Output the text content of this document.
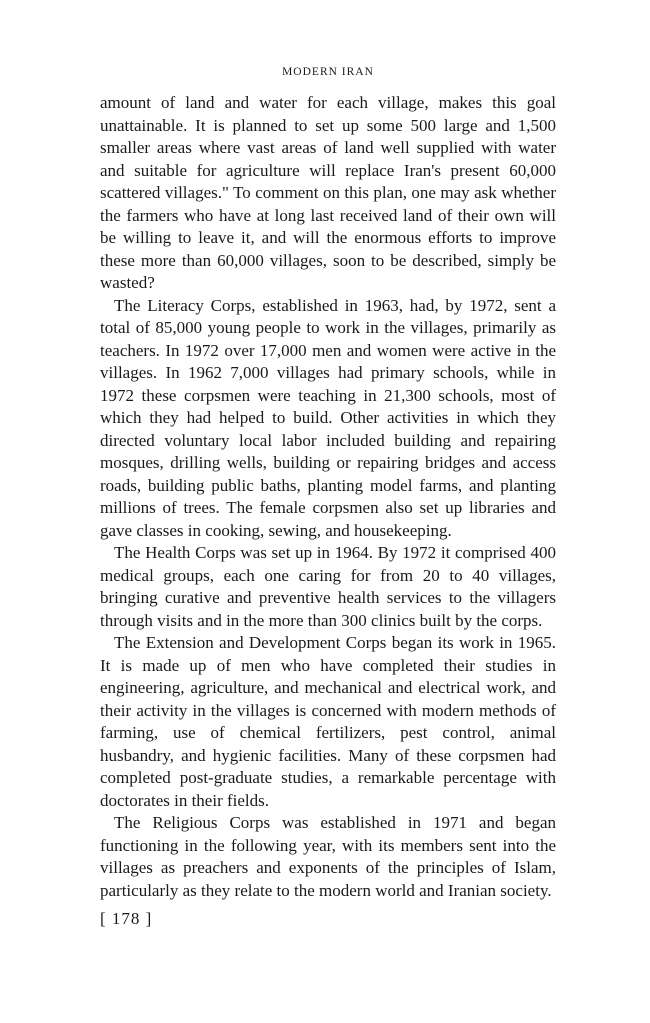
MODERN IRAN

amount of land and water for each village, makes this goal unattainable. It is planned to set up some 500 large and 1,500 smaller areas where vast areas of land well supplied with water and suitable for agriculture will replace Iran's present 60,000 scattered villages." To comment on this plan, one may ask whether the farmers who have at long last received land of their own will be willing to leave it, and will the enormous efforts to improve these more than 60,000 villages, soon to be described, simply be wasted?

The Literacy Corps, established in 1963, had, by 1972, sent a total of 85,000 young people to work in the villages, primarily as teachers. In 1972 over 17,000 men and women were active in the villages. In 1962 7,000 villages had primary schools, while in 1972 these corpsmen were teaching in 21,300 schools, most of which they had helped to build. Other activities in which they directed voluntary local labor included building and repairing mosques, drilling wells, building or repairing bridges and access roads, building public baths, planting model farms, and planting millions of trees. The female corpsmen also set up libraries and gave classes in cooking, sewing, and housekeeping.

The Health Corps was set up in 1964. By 1972 it comprised 400 medical groups, each one caring for from 20 to 40 villages, bringing curative and preventive health services to the villagers through visits and in the more than 300 clinics built by the corps.

The Extension and Development Corps began its work in 1965. It is made up of men who have completed their studies in engineering, agriculture, and mechanical and electrical work, and their activity in the villages is concerned with modern methods of farming, use of chemical fertilizers, pest control, animal husbandry, and hygienic facilities. Many of these corpsmen had completed post-graduate studies, a remarkable percentage with doctorates in their fields.

The Religious Corps was established in 1971 and began functioning in the following year, with its members sent into the villages as preachers and exponents of the principles of Islam, particularly as they relate to the modern world and Iranian society.

[ 178 ]
